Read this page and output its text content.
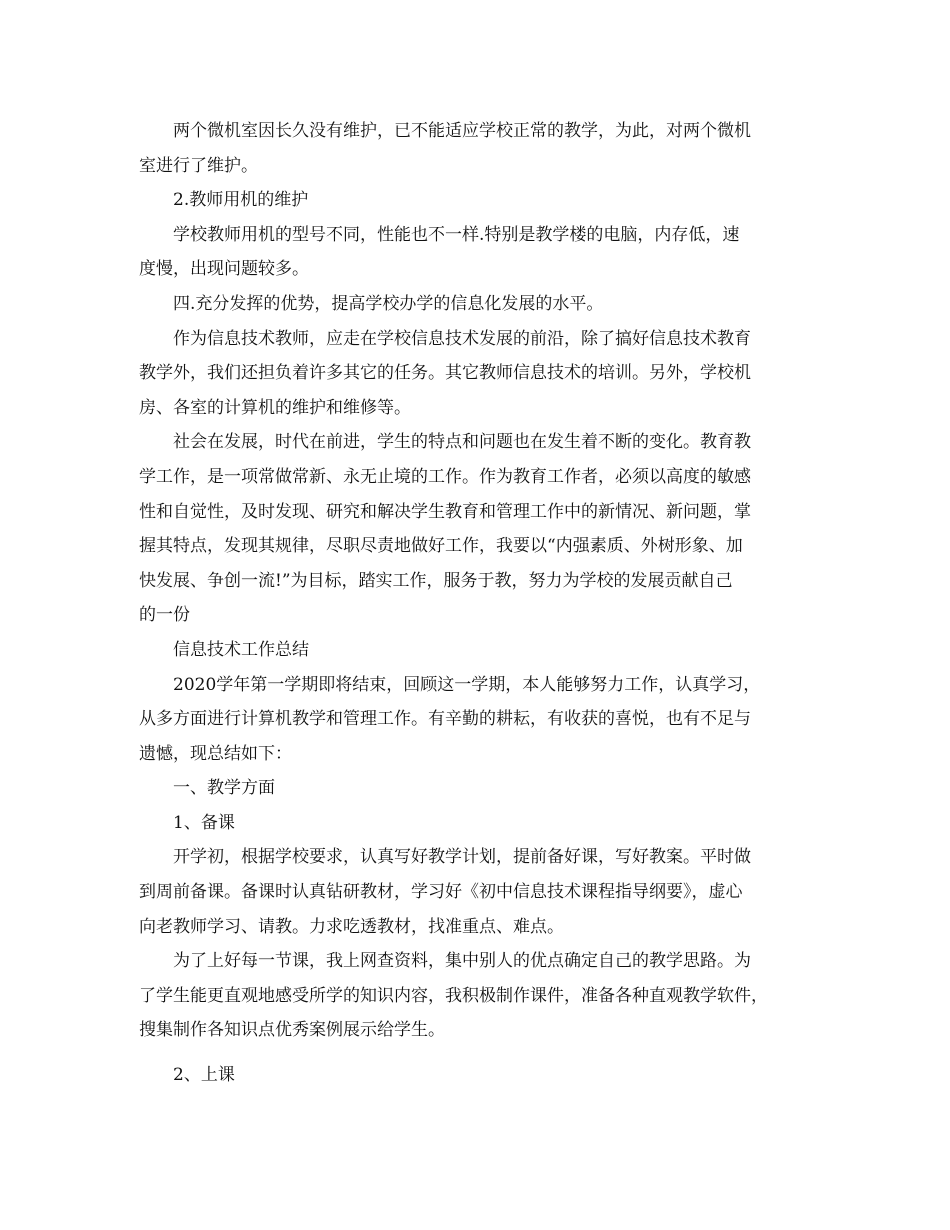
两个微机室因长久没有维护，已不能适应学校正常的教学，为此，对两个微机
室进行了维护。
2.教师用机的维护
学校教师用机的型号不同，性能也不一样.特别是教学楼的电脑，内存低，速
度慢，出现问题较多。
四.充分发挥的优势，提高学校办学的信息化发展的水平。
作为信息技术教师，应走在学校信息技术发展的前沿，除了搞好信息技术教育
教学外，我们还担负着许多其它的任务。其它教师信息技术的培训。另外，学校机
房、各室的计算机的维护和维修等。
社会在发展，时代在前进，学生的特点和问题也在发生着不断的变化。教育教
学工作，是一项常做常新、永无止境的工作。作为教育工作者，必须以高度的敏感
性和自觉性，及时发现、研究和解决学生教育和管理工作中的新情况、新问题，掌
握其特点，发现其规律，尽职尽责地做好工作，我要以“内强素质、外树形象、加
快发展、争创一流!”为目标，踏实工作，服务于教，努力为学校的发展贡献自己
的一份
信息技术工作总结
2020学年第一学期即将结束，回顾这一学期，本人能够努力工作，认真学习，
从多方面进行计算机教学和管理工作。有辛勤的耕耘，有收获的喜悦，也有不足与
遗憾，现总结如下：
一、教学方面
1、备课
开学初，根据学校要求，认真写好教学计划，提前备好课，写好教案。平时做
到周前备课。备课时认真钻研教材，学习好《初中信息技术课程指导纲要》，虚心
向老教师学习、请教。力求吃透教材，找准重点、难点。
为了上好每一节课，我上网查资料，集中别人的优点确定自己的教学思路。为
了学生能更直观地感受所学的知识内容，我积极制作课件，准备各种直观教学软件，
搜集制作各知识点优秀案例展示给学生。
2、上课
